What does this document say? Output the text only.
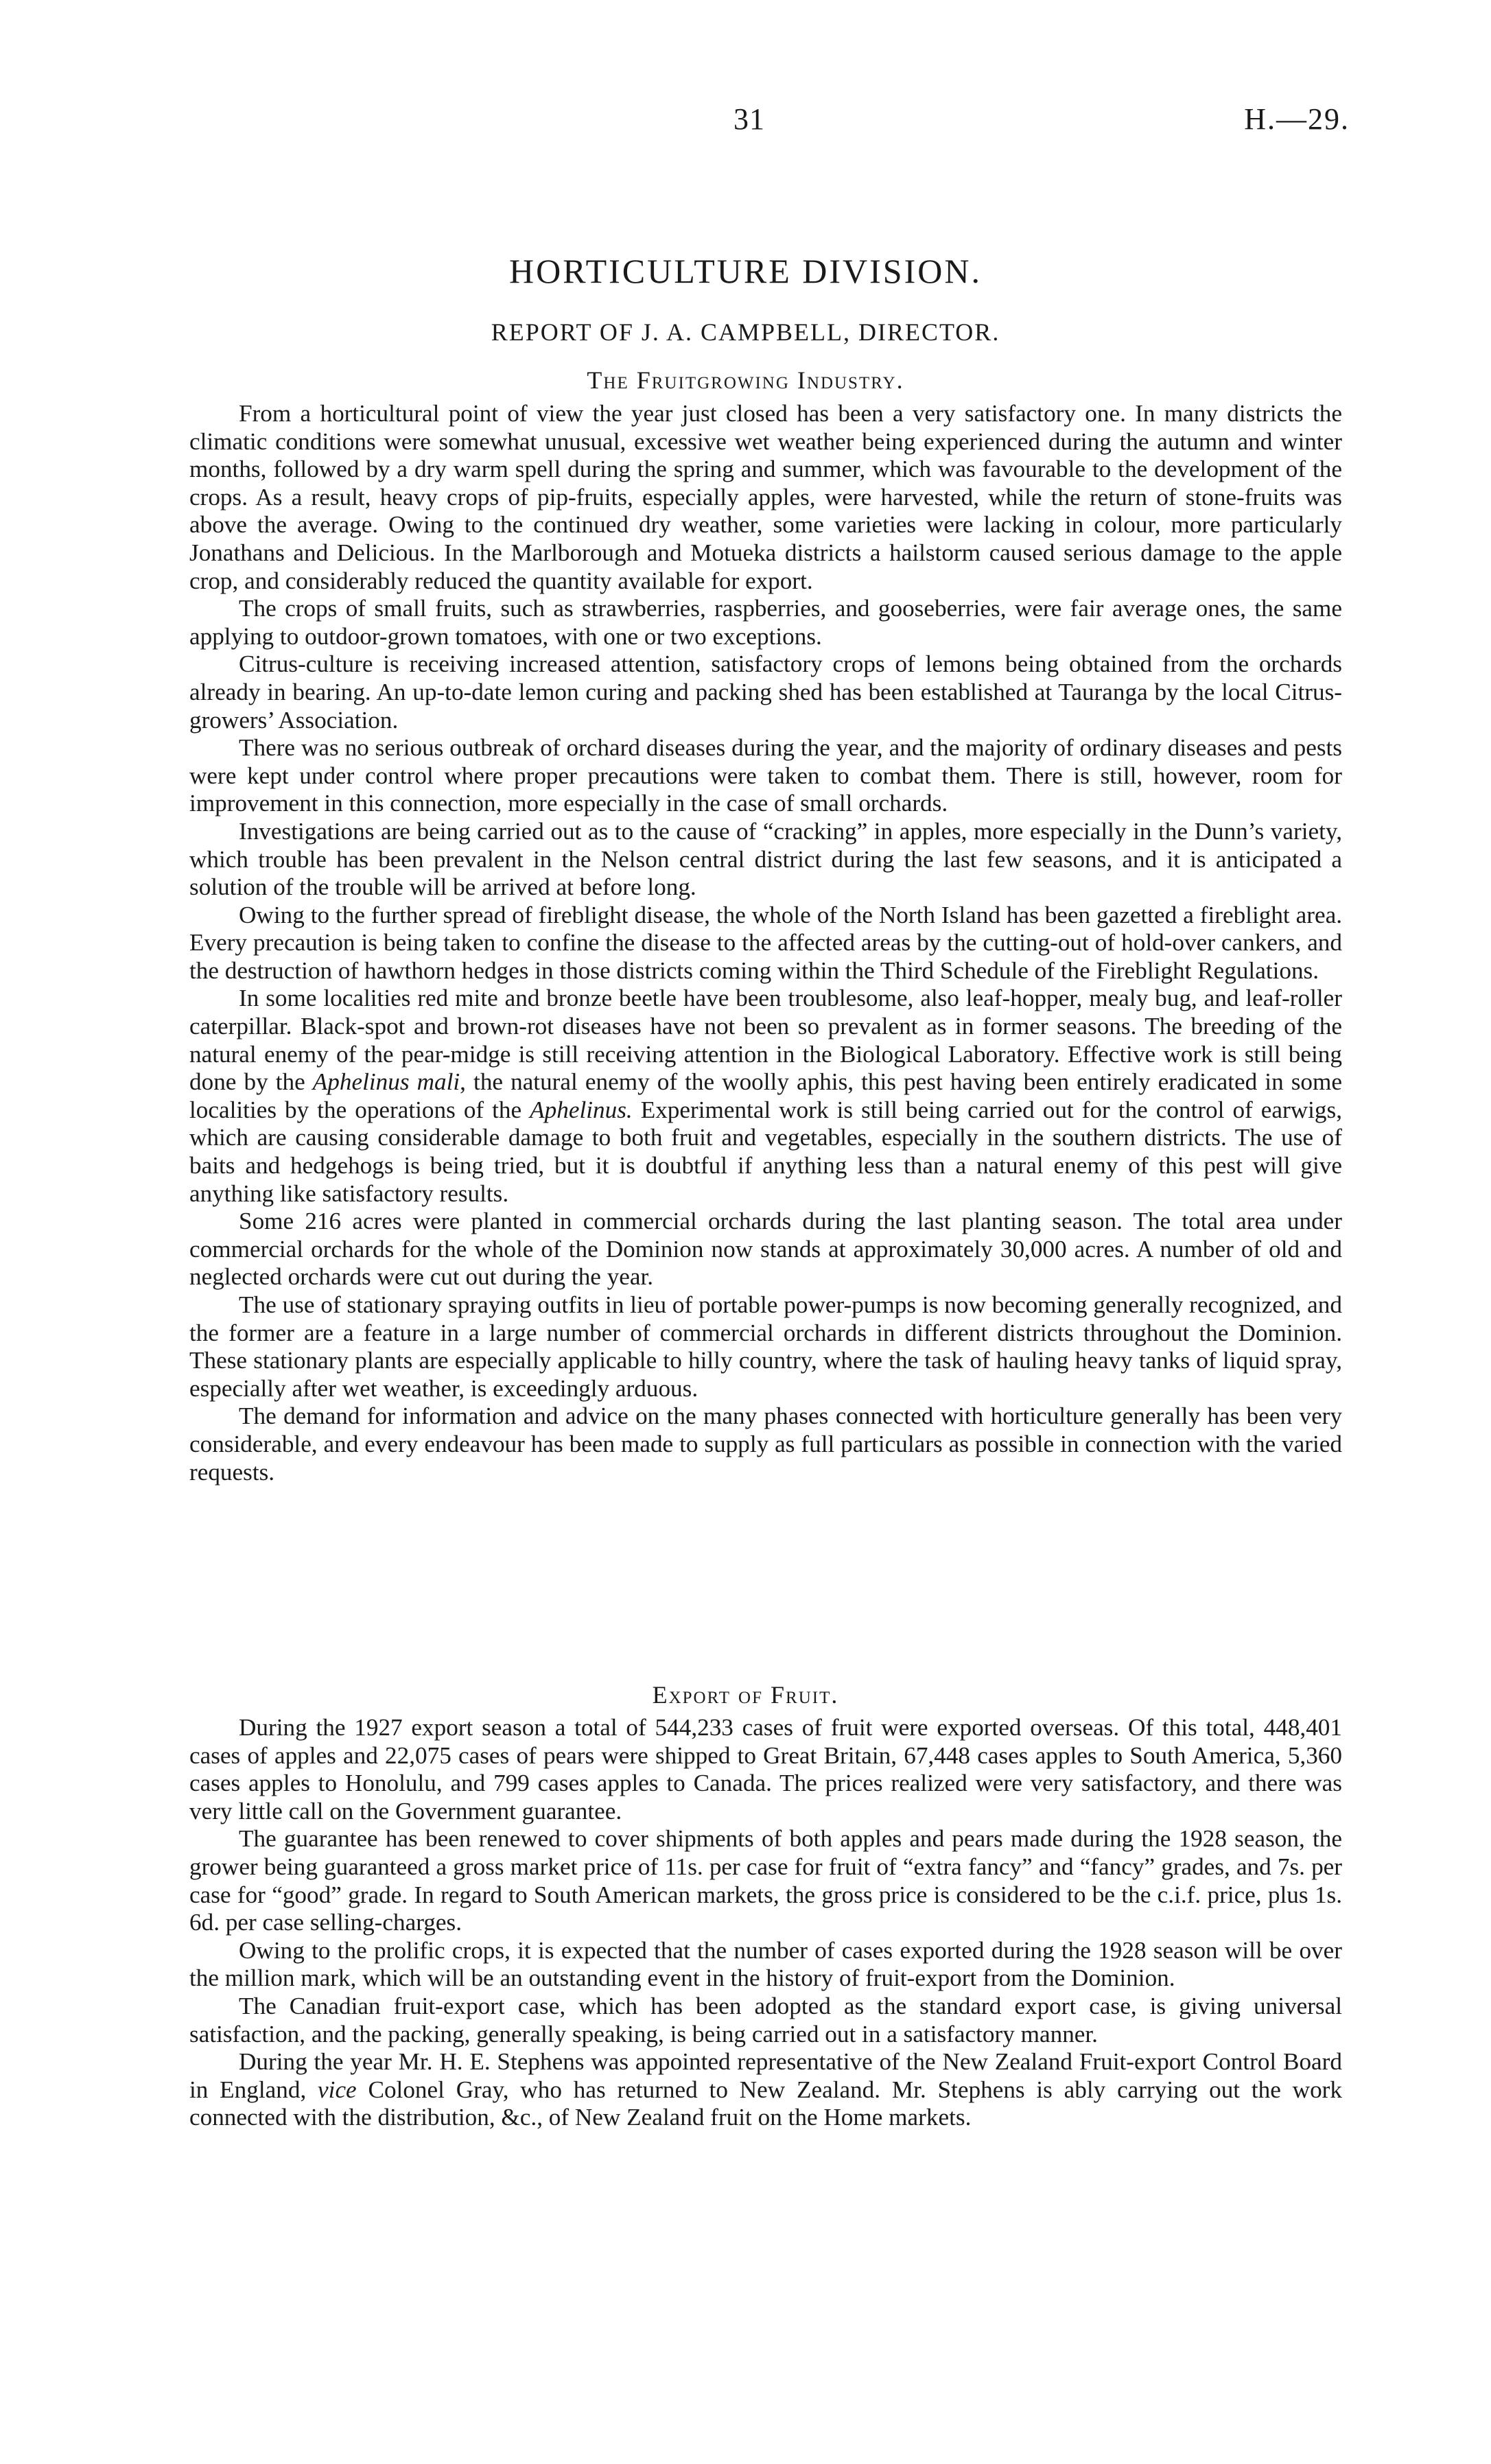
31	H.—29.
HORTICULTURE DIVISION.
REPORT OF J. A. CAMPBELL, DIRECTOR.
The Fruitgrowing Industry.

From a horticultural point of view the year just closed has been a very satisfactory one. In many districts the climatic conditions were somewhat unusual, excessive wet weather being experienced during the autumn and winter months, followed by a dry warm spell during the spring and summer, which was favourable to the development of the crops. As a result, heavy crops of pip-fruits, especially apples, were harvested, while the return of stone-fruits was above the average. Owing to the continued dry weather, some varieties were lacking in colour, more particularly Jonathans and Delicious. In the Marlborough and Motueka districts a hailstorm caused serious damage to the apple crop, and considerably reduced the quantity available for export.

The crops of small fruits, such as strawberries, raspberries, and gooseberries, were fair average ones, the same applying to outdoor-grown tomatoes, with one or two exceptions.

Citrus-culture is receiving increased attention, satisfactory crops of lemons being obtained from the orchards already in bearing. An up-to-date lemon curing and packing shed has been established at Tauranga by the local Citrus-growers’ Association.

There was no serious outbreak of orchard diseases during the year, and the majority of ordinary diseases and pests were kept under control where proper precautions were taken to combat them. There is still, however, room for improvement in this connection, more especially in the case of small orchards.

Investigations are being carried out as to the cause of “cracking” in apples, more especially in the Dunn’s variety, which trouble has been prevalent in the Nelson central district during the last few seasons, and it is anticipated a solution of the trouble will be arrived at before long.

Owing to the further spread of fireblight disease, the whole of the North Island has been gazetted a fireblight area. Every precaution is being taken to confine the disease to the affected areas by the cutting-out of hold-over cankers, and the destruction of hawthorn hedges in those districts coming within the Third Schedule of the Fireblight Regulations.

In some localities red mite and bronze beetle have been troublesome, also leaf-hopper, mealy bug, and leaf-roller caterpillar. Black-spot and brown-rot diseases have not been so prevalent as in former seasons. The breeding of the natural enemy of the pear-midge is still receiving attention in the Biological Laboratory. Effective work is still being done by the Aphelinus mali, the natural enemy of the woolly aphis, this pest having been entirely eradicated in some localities by the operations of the Aphelinus. Experimental work is still being carried out for the control of earwigs, which are causing considerable damage to both fruit and vegetables, especially in the southern districts. The use of baits and hedgehogs is being tried, but it is doubtful if anything less than a natural enemy of this pest will give anything like satisfactory results.

Some 216 acres were planted in commercial orchards during the last planting season. The total area under commercial orchards for the whole of the Dominion now stands at approximately 30,000 acres. A number of old and neglected orchards were cut out during the year.

The use of stationary spraying outfits in lieu of portable power-pumps is now becoming generally recognized, and the former are a feature in a large number of commercial orchards in different districts throughout the Dominion. These stationary plants are especially applicable to hilly country, where the task of hauling heavy tanks of liquid spray, especially after wet weather, is exceedingly arduous.

The demand for information and advice on the many phases connected with horticulture generally has been very considerable, and every endeavour has been made to supply as full particulars as possible in connection with the varied requests.

Export of Fruit.

During the 1927 export season a total of 544,233 cases of fruit were exported overseas. Of this total, 448,401 cases of apples and 22,075 cases of pears were shipped to Great Britain, 67,448 cases apples to South America, 5,360 cases apples to Honolulu, and 799 cases apples to Canada. The prices realized were very satisfactory, and there was very little call on the Government guarantee.

The guarantee has been renewed to cover shipments of both apples and pears made during the 1928 season, the grower being guaranteed a gross market price of 11s. per case for fruit of “extra fancy” and “fancy” grades, and 7s. per case for “good” grade. In regard to South American markets, the gross price is considered to be the c.i.f. price, plus 1s. 6d. per case selling-charges.

Owing to the prolific crops, it is expected that the number of cases exported during the 1928 season will be over the million mark, which will be an outstanding event in the history of fruit-export from the Dominion.

The Canadian fruit-export case, which has been adopted as the standard export case, is giving universal satisfaction, and the packing, generally speaking, is being carried out in a satisfactory manner.

During the year Mr. H. E. Stephens was appointed representative of the New Zealand Fruit-export Control Board in England, vice Colonel Gray, who has returned to New Zealand. Mr. Stephens is ably carrying out the work connected with the distribution, &c., of New Zealand fruit on the Home markets.
